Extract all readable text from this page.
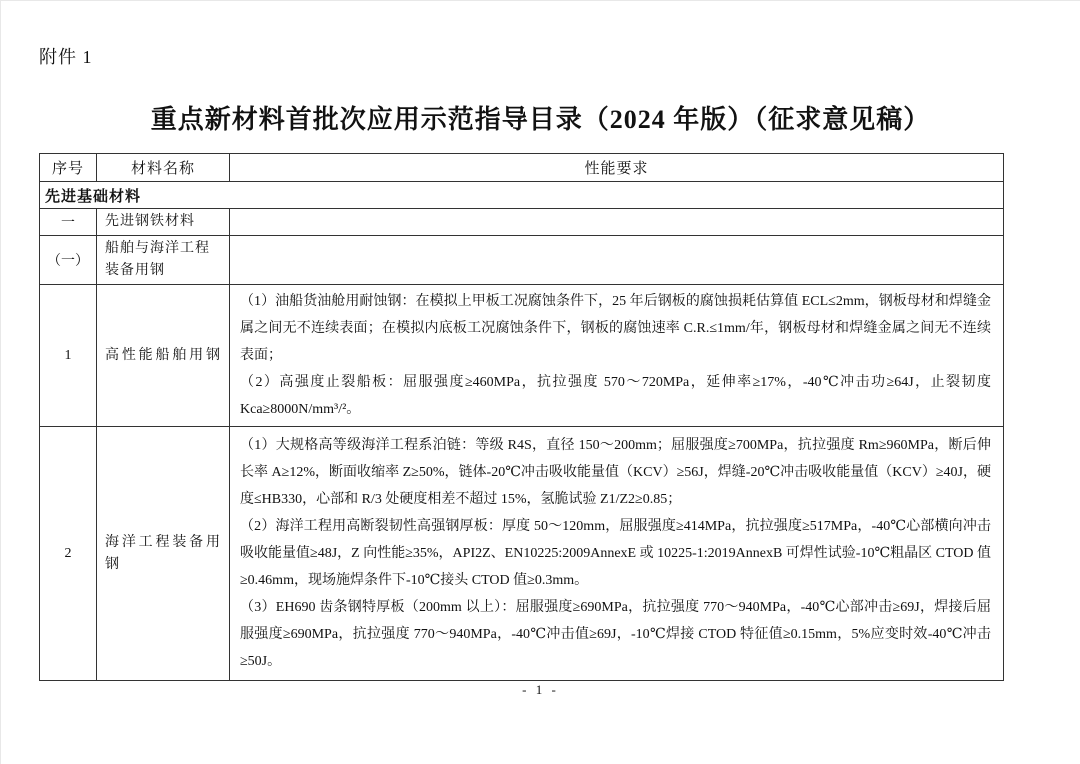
附件 1
重点新材料首批次应用示范指导目录（2024 年版）（征求意见稿）
序号	材料名称	性能要求
先进基础材料		
一	先进钢铁材料	
（一）	船舶与海洋工程装备用钢	
1	高性能船舶用钢	（1）油船货油舱用耐蚀钢：在模拟上甲板工况腐蚀条件下，25 年后钢板的腐蚀损耗估算值 ECL≤2mm，钢板母材和焊缝金属之间无不连续表面；在模拟内底板工况腐蚀条件下，钢板的腐蚀速率 C.R.≤1mm/年，钢板母材和焊缝金属之间无不连续表面；

（2）高强度止裂船板：屈服强度≥460MPa，抗拉强度 570～720MPa，延伸率≥17%，-40℃冲击功≥64J，止裂韧度 Kca≥8000N/mm³/²。

2	海洋工程装备用钢	（1）大规格高等级海洋工程系泊链：等级 R4S，直径 150～200mm；屈服强度≥700MPa，抗拉强度 Rm≥960MPa，断后伸长率 A≥12%，断面收缩率 Z≥50%，链体-20℃冲击吸收能量值（KCV）≥56J，焊缝-20℃冲击吸收能量值（KCV）≥40J，硬度≤HB330，心部和 R/3 处硬度相差不超过 15%，氢脆试验 Z1/Z2≥0.85；

（2）海洋工程用高断裂韧性高强钢厚板：厚度 50～120mm，屈服强度≥414MPa，抗拉强度≥517MPa，-40℃心部横向冲击吸收能量值≥48J，Z 向性能≥35%，API2Z、EN10225:2009AnnexE 或 10225-1:2019AnnexB 可焊性试验-10℃粗晶区 CTOD 值≥0.46mm，现场施焊条件下-10℃接头 CTOD 值≥0.3mm。

（3）EH690 齿条钢特厚板（200mm 以上）：屈服强度≥690MPa，抗拉强度 770～940MPa，-40℃心部冲击≥69J，焊接后屈服强度≥690MPa，抗拉强度 770～940MPa，-40℃冲击值≥69J，-10℃焊接 CTOD 特征值≥0.15mm，5%应变时效-40℃冲击≥50J。

- 1 -
